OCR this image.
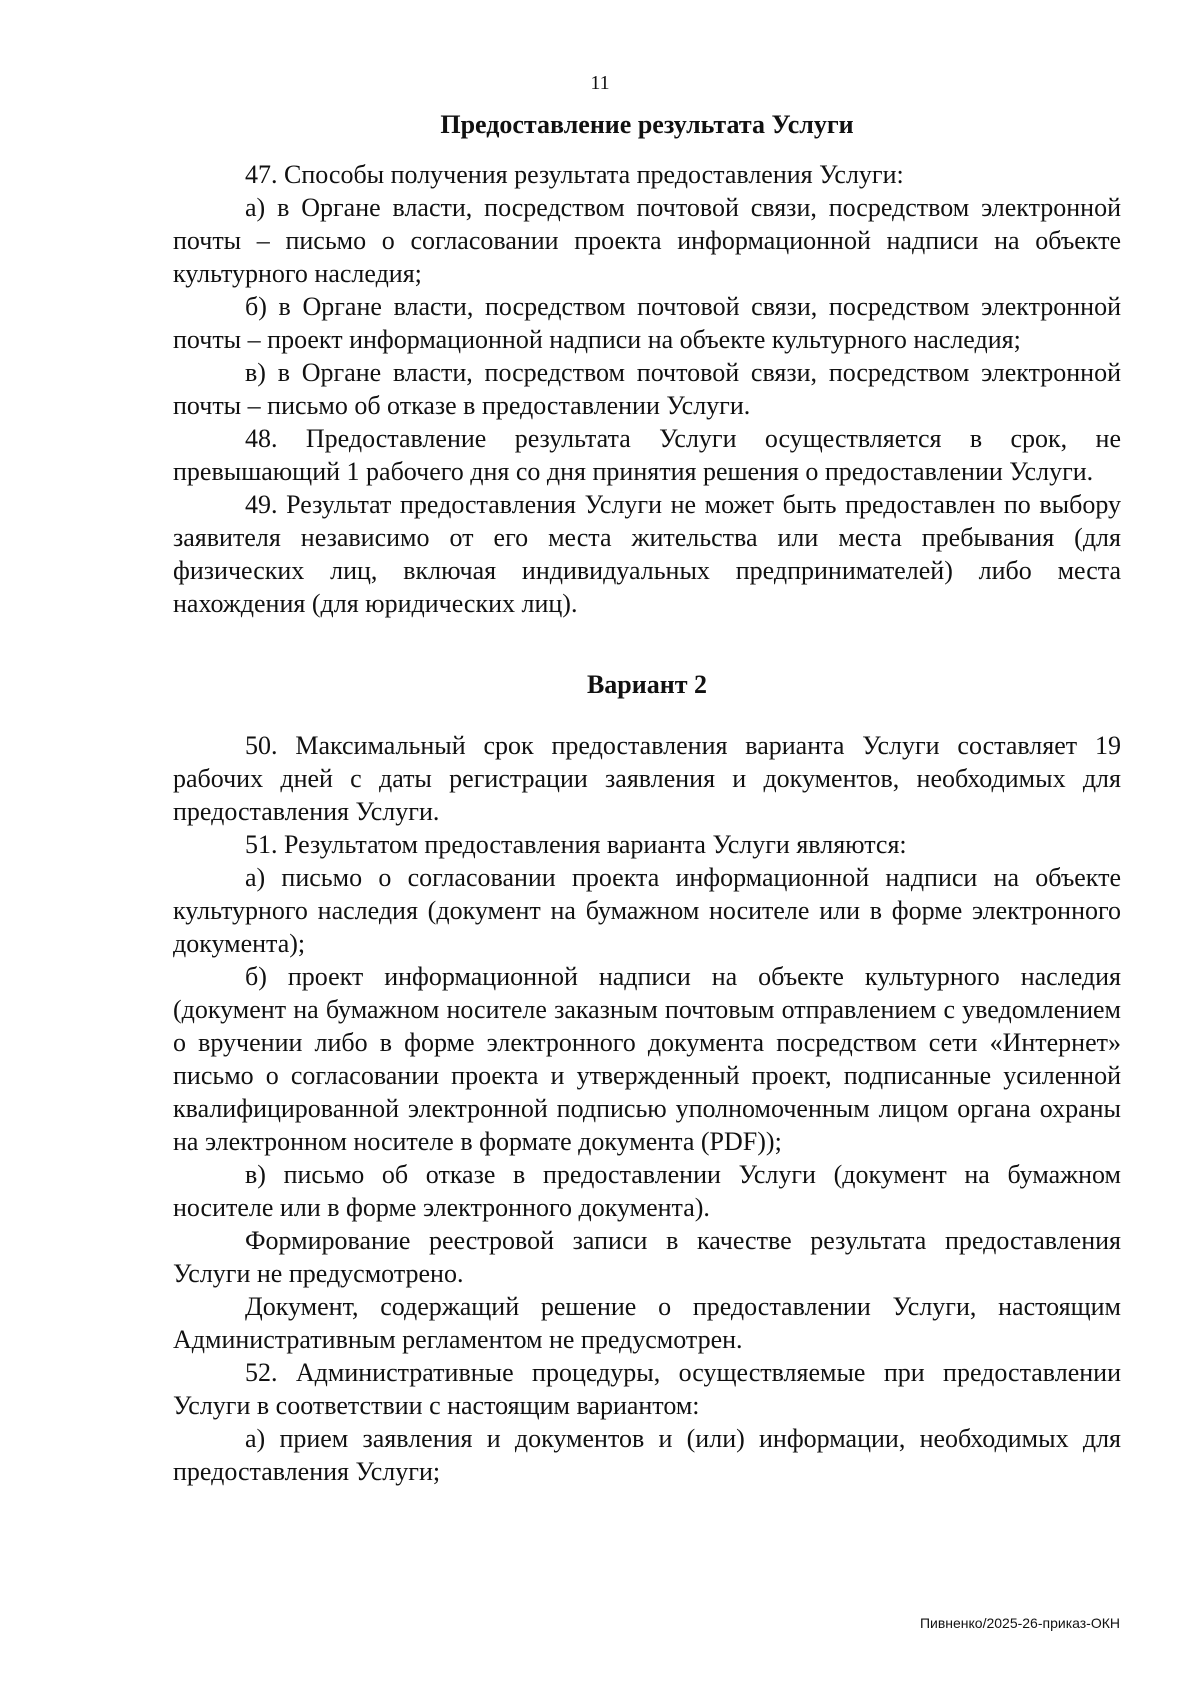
11
Предоставление результата Услуги

47. Способы получения результата предоставления Услуги:

а) в Органе власти, посредством почтовой связи, посредством электронной почты – письмо о согласовании проекта информационной надписи на объекте культурного наследия;

б) в Органе власти, посредством почтовой связи, посредством электронной почты – проект информационной надписи на объекте культурного наследия;

в) в Органе власти, посредством почтовой связи, посредством электронной почты – письмо об отказе в предоставлении Услуги.

48. Предоставление результата Услуги осуществляется в срок, не превышающий 1 рабочего дня со дня принятия решения о предоставлении Услуги.

49. Результат предоставления Услуги не может быть предоставлен по выбору заявителя независимо от его места жительства или места пребывания (для физических лиц, включая индивидуальных предпринимателей) либо места нахождения (для юридических лиц).

Вариант 2

50. Максимальный срок предоставления варианта Услуги составляет 19 рабочих дней с даты регистрации заявления и документов, необходимых для предоставления Услуги.

51. Результатом предоставления варианта Услуги являются:

а) письмо о согласовании проекта информационной надписи на объекте культурного наследия (документ на бумажном носителе или в форме электронного документа);

б) проект информационной надписи на объекте культурного наследия (документ на бумажном носителе заказным почтовым отправлением с уведомлением о вручении либо в форме электронного документа посредством сети «Интернет» письмо о согласовании проекта и утвержденный проект, подписанные усиленной квалифицированной электронной подписью уполномоченным лицом органа охраны на электронном носителе в формате документа (PDF));

в) письмо об отказе в предоставлении Услуги (документ на бумажном носителе или в форме электронного документа).

Формирование реестровой записи в качестве результата предоставления Услуги не предусмотрено.

Документ, содержащий решение о предоставлении Услуги, настоящим Административным регламентом не предусмотрен.

52. Административные процедуры, осуществляемые при предоставлении Услуги в соответствии с настоящим вариантом:

а) прием заявления и документов и (или) информации, необходимых для предоставления Услуги;

Пивненко/2025-26-приказ-ОКН
